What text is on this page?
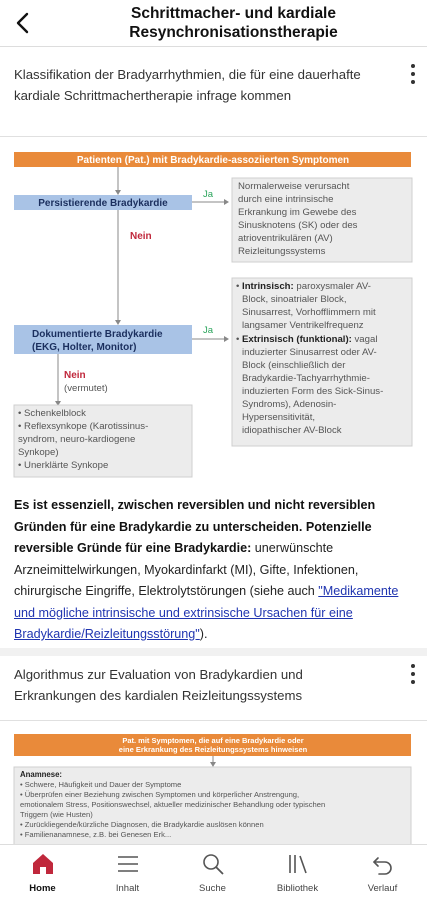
Schrittmacher- und kardiale
Resynchronisationstherapie
Klassifikation der Bradyarrhythmien, die für eine dauerhafte kardiale Schrittmachertherapie infrage kommen
Patienten (Pat.) mit Bradykardie-assoziierten Symptomen
Persistierende Bradykardie
Ja
Normalerweise verursacht durch eine intrinsische Erkrankung im Gewebe des Sinusknotens (SK) oder des atrioventrikulären (AV) Reizleitungssystems
Nein
Dokumentierte Bradykardie
(EKG, Holter, Monitor)
Ja
• Intrinsisch: paroxysmaler AV- Block, sinoatrialer Block, Sinusarrest, Vorhofflimmern mit langsamer Ventrikelfrequenz • Extrinsisch (funktional): vagal induzierter Sinusarrest oder AV- Block (einschließlich der Bradykardie-Tachyarrhythmie- induzierten Form des Sick-Sinus- Syndroms), Adenosin- Hypersensitivität, idiopathischer AV-Block
Nein
(vermutet)
• Schenkelblock • Reflexsynkope (Karotissinus- syndrom, neuro-kardiogene Synkope) • Unerklärte Synkope
Es ist essenziell, zwischen reversiblen und nicht reversiblen Gründen für eine Bradykardie zu unterscheiden. Potenzielle reversible Gründe für eine Bradykardie: unerwünschte Arzneimittelwirkungen, Myokardinfarkt (MI), Gifte, Infektionen, chirurgische Eingriffe, Elektrolytstörungen (siehe auch "Medikamente und mögliche intrinsische und extrinsische Ursachen für eine Bradykardie/Reizleitungsstörung").
Algorithmus zur Evaluation von Bradykardien und Erkrankungen des kardialen Reizleitungssystems
Pat. mit Symptomen, die auf eine Bradykardie oder
eine Erkrankung des Reizleitungssystems hinweisen
Anamnese:
• Schwere, Häufigkeit und Dauer der Symptome • Überprüfen einer Beziehung zwischen Symptomen und körperlicher Anstrengung, emotionalem Stress, Positionswechsel, aktueller medizinischer Behandlung oder typischen Triggern (wie Husten) • Zurückliegende/kürzliche Diagnosen, die Bradykardie auslösen können • Familienanamnese, z.B. bei Genesen Erk...
Home	Inhalt	Suche	Bibliothek	Verlauf
